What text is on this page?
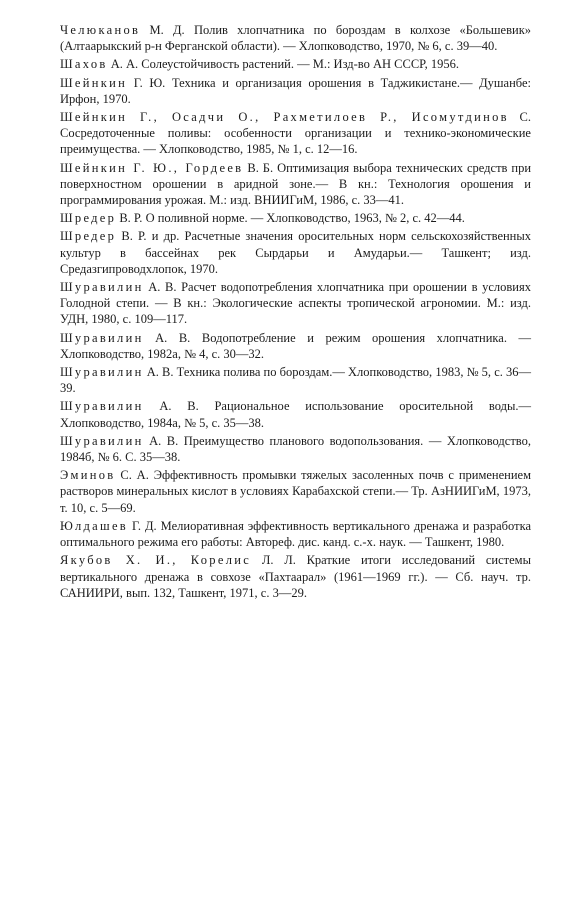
Челюканов М. Д. Полив хлопчатника по бороздам в колхозе «Большевик» (Алтаарыкский р-н Ферганской области). — Хлопководство, 1970, № 6, с. 39—40.
Шахов А. А. Солеустойчивость растений. — М.: Изд-во АН СССР, 1956.
Шейнкин Г. Ю. Техника и организация орошения в Таджикистане.— Душанбе: Ирфон, 1970.
Шейнкин Г., Осадчи О., Рахметилоев Р., Исомутдинов С. Сосредоточенные поливы: особенности организации и технико-экономические преимущества. — Хлопководство, 1985, № 1, с. 12—16.
Шейнкин Г. Ю., Гордеев В. Б. Оптимизация выбора технических средств при поверхностном орошении в аридной зоне.— В кн.: Технология орошения и программирования урожая. М.: изд. ВНИИГиМ, 1986, с. 33—41.
Шредер В. Р. О поливной норме. — Хлопководство, 1963, № 2, с. 42—44.
Шредер В. Р. и др. Расчетные значения оросительных норм сельскохозяйственных культур в бассейнах рек Сырдарьи и Амударьи.— Ташкент; изд. Средазгипроводхлопок, 1970.
Шуравилин А. В. Расчет водопотребления хлопчатника при орошении в условиях Голодной степи. — В кн.: Экологические аспекты тропической агрономии. М.: изд. УДН, 1980, с. 109—117.
Шуравилин А. В. Водопотребление и режим орошения хлопчатника. — Хлопководство, 1982а, № 4, с. 30—32.
Шуравилин А. В. Техника полива по бороздам.— Хлопководство, 1983, № 5, с. 36—39.
Шуравилин А. В. Рациональное использование оросительной воды.— Хлопководство, 1984а, № 5, с. 35—38.
Шуравилин А. В. Преимущество планового водопользования. — Хлопководство, 1984б, № 6. С. 35—38.
Эминов С. А. Эффективность промывки тяжелых засоленных почв с применением растворов минеральных кислот в условиях Карабахской степи.— Тр. АзНИИГиМ, 1973, т. 10, с. 5—69.
Юлдашев Г. Д. Мелиоративная эффективность вертикального дренажа и разработка оптимального режима его работы: Автореф. дис. канд. с.-х. наук. — Ташкент, 1980.
Якубов Х. И., Корелис Л. Л. Краткие итоги исследований системы вертикального дренажа в совхозе «Пахтаарал» (1961—1969 гг.). — Сб. науч. тр. САНИИРИ, вып. 132, Ташкент, 1971, с. 3—29.
